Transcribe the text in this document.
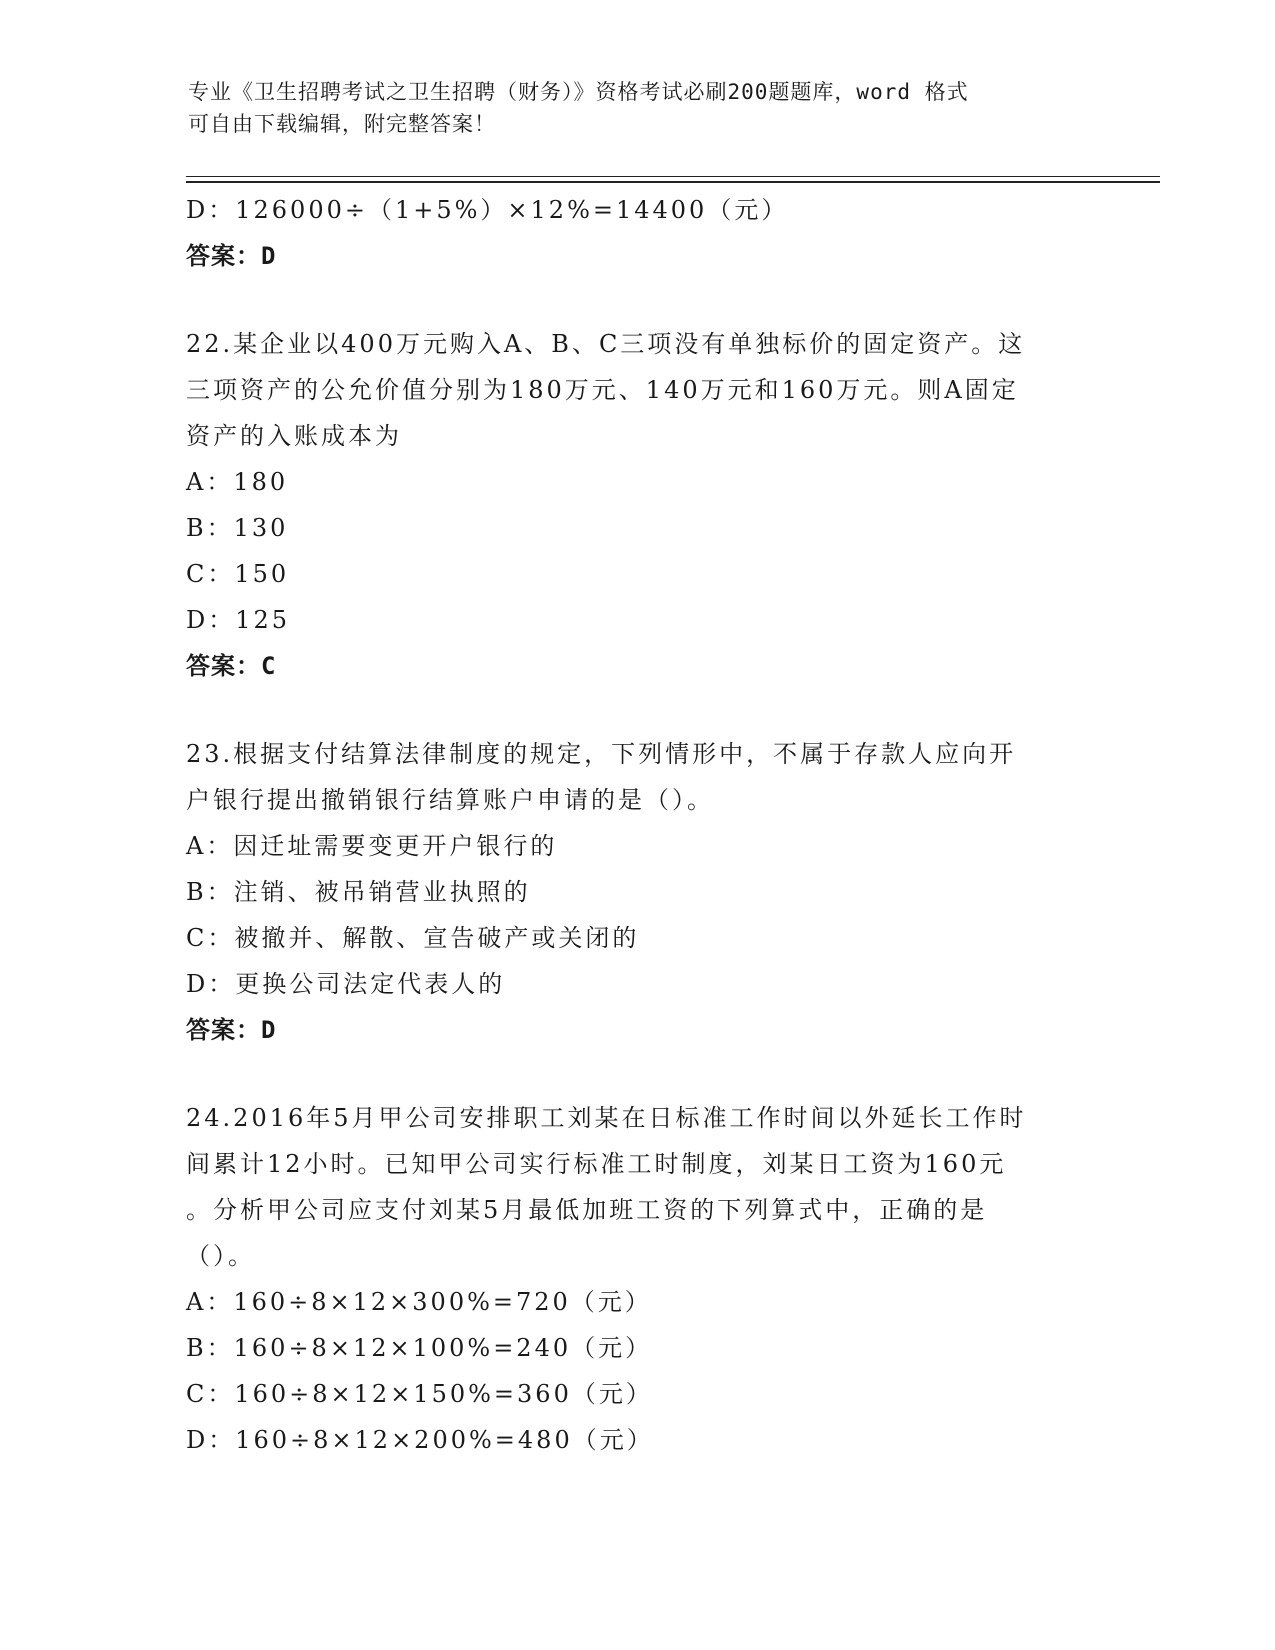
专业《卫生招聘考试之卫生招聘（财务）》资格考试必刷200题题库，word 格式
可自由下载编辑，附完整答案！
D：126000÷（1+5%）×12%=14400（元）
答案：D
22.某企业以400万元购入A、B、C三项没有单独标价的固定资产。这
三项资产的公允价值分别为180万元、140万元和160万元。则A固定
资产的入账成本为
A：180
B：130
C：150
D：125
答案：C
23.根据支付结算法律制度的规定，下列情形中，不属于存款人应向开
户银行提出撤销银行结算账户申请的是（）。
A：因迁址需要变更开户银行的
B：注销、被吊销营业执照的
C：被撤并、解散、宣告破产或关闭的
D：更换公司法定代表人的
答案：D
24.2016年5月甲公司安排职工刘某在日标准工作时间以外延长工作时
间累计12小时。已知甲公司实行标准工时制度，刘某日工资为160元
。分析甲公司应支付刘某5月最低加班工资的下列算式中，正确的是
（）。
A：160÷8×12×300%=720（元）
B：160÷8×12×100%=240（元）
C：160÷8×12×150%=360（元）
D：160÷8×12×200%=480（元）
